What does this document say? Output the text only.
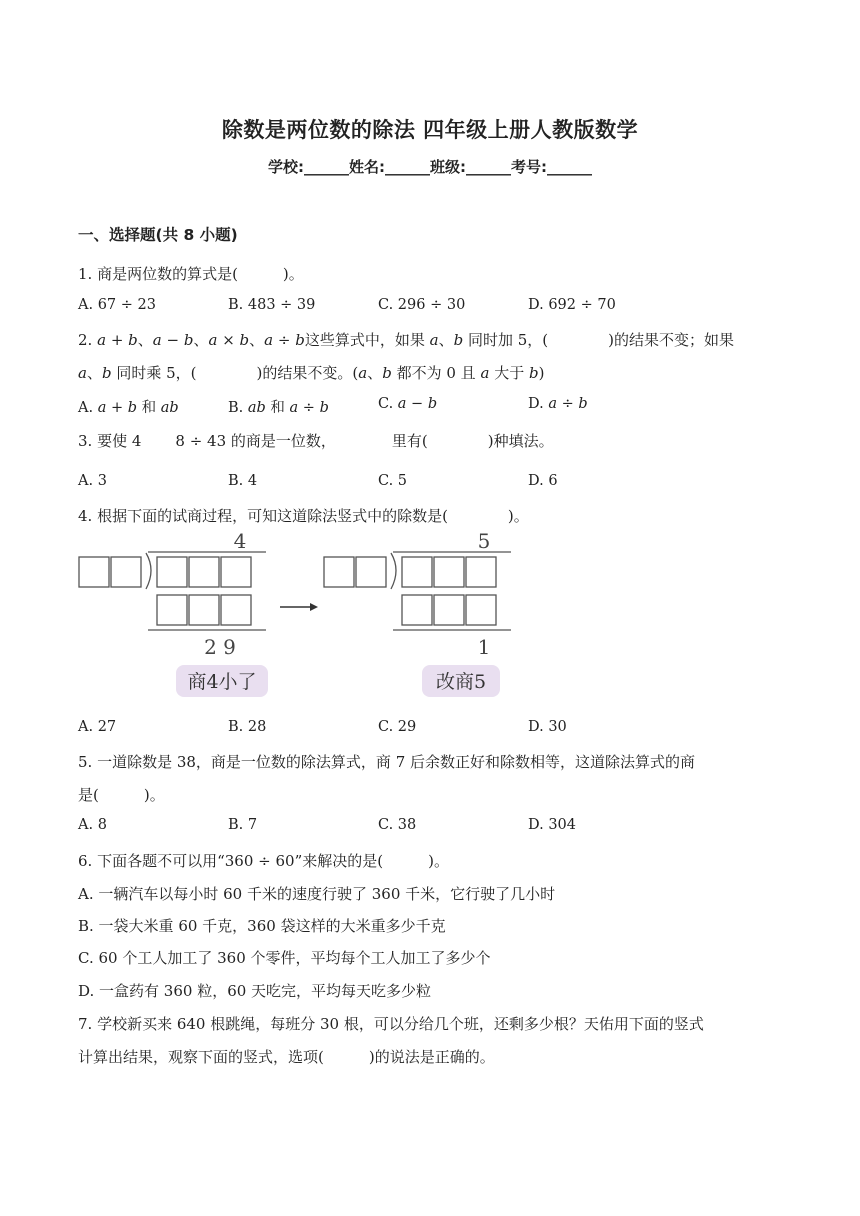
除数是两位数的除法 四年级上册人教版数学
学校:______姓名:______班级:______考号:______
一、选择题(共 8 小题)
1. 商是两位数的算式是(　　　)。
A. 67 ÷ 23	B. 483 ÷ 39	C. 296 ÷ 30	D. 692 ÷ 70
2. a + b、a − b、a × b、a ÷ b这些算式中，如果 a、b 同时加 5，(　　　　)的结果不变；如果
a、b 同时乘 5，(　　　　)的结果不变。(a、b 都不为 0 且 a 大于 b)
A. a + b 和 ab	B. ab 和 a ÷ b	C. a − b	D. a ÷ b
3. 要使 4 8 ÷ 43 的商是一位数，	里有(　　　　)种填法。
A. 3	B. 4	C. 5	D. 6
4. 根据下面的试商过程，可知这道除法竖式中的除数是(　　　　)。
4
2 9
商4小了
5
1
改商5
A. 27	B. 28	C. 29	D. 30
5. 一道除数是 38，商是一位数的除法算式，商 7 后余数正好和除数相等，这道除法算式的商
是(　　　)。
A. 8	B. 7	C. 38	D. 304
6. 下面各题不可以用“360 ÷ 60”来解决的是(　　　)。
A. 一辆汽车以每小时 60 千米的速度行驶了 360 千米，它行驶了几小时
B. 一袋大米重 60 千克，360 袋这样的大米重多少千克
C. 60 个工人加工了 360 个零件，平均每个工人加工了多少个
D. 一盒药有 360 粒，60 天吃完，平均每天吃多少粒
7. 学校新买来 640 根跳绳，每班分 30 根，可以分给几个班，还剩多少根？天佑用下面的竖式
计算出结果，观察下面的竖式，选项(　　　)的说法是正确的。
